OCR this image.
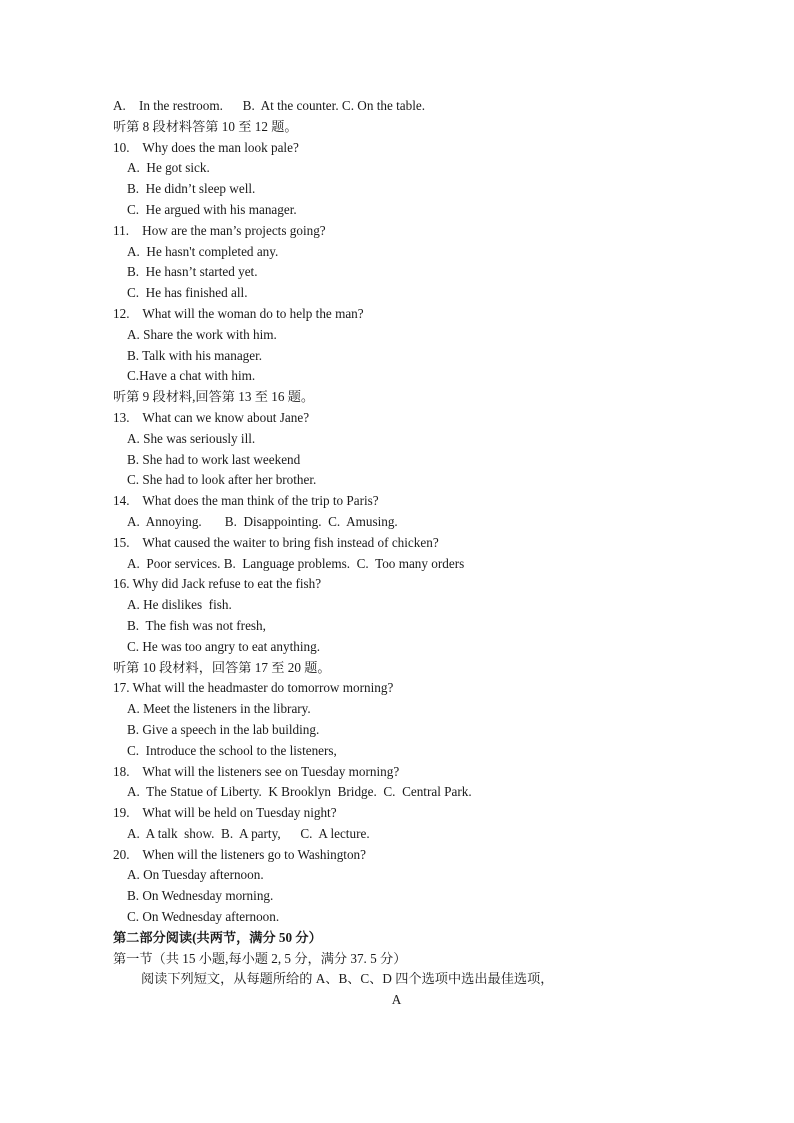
A.    In the restroom.      B.  At the counter. C. On the table.
听第 8 段材料答第 10 至 12 题。
10.    Why does the man look pale?
A.  He got sick.
B.  He didn’t sleep well.
C.  He argued with his manager.
11.    How are the man’s projects going?
A.  He hasn't completed any.
B.  He hasn’t started yet.
C.  He has finished all.
12.    What will the woman do to help the man?
A. Share the work with him.
B. Talk with his manager.
C.Have a chat with him.
听第 9 段材料,回答第 13 至 16 题。
13.    What can we know about Jane?
A. She was seriously ill.
B. She had to work last weekend
C. She had to look after her brother.
14.    What does the man think of the trip to Paris?
A.  Annoying.       B.  Disappointing.  C.  Amusing.
15.    What caused the waiter to bring fish instead of chicken?
A.  Poor services. B.  Language problems.  C.  Too many orders
16. Why did Jack refuse to eat the fish?
A. He dislikes  fish.
B.  The fish was not fresh,
C. He was too angry to eat anything.
听第 10 段材料，回答第 17 至 20 题。
17. What will the headmaster do tomorrow morning?
A. Meet the listeners in the library.
B. Give a speech in the lab building.
C.  Introduce the school to the listeners,
18.    What will the listeners see on Tuesday morning?
A.  The Statue of Liberty.  K Brooklyn  Bridge.  C.  Central Park.
19.    What will be held on Tuesday night?
A.  A talk  show.  B.  A party,      C.  A lecture.
20.    When will the listeners go to Washington?
A. On Tuesday afternoon.
B. On Wednesday morning.
C. On Wednesday afternoon.
第二部分阅读(共两节，满分 50 分）
第一节（共 15 小题,每小题 2, 5 分，满分 37. 5 分）
阅读下列短文，从每题所给的 A、B、C、D 四个选项中选出最佳选项，
A
